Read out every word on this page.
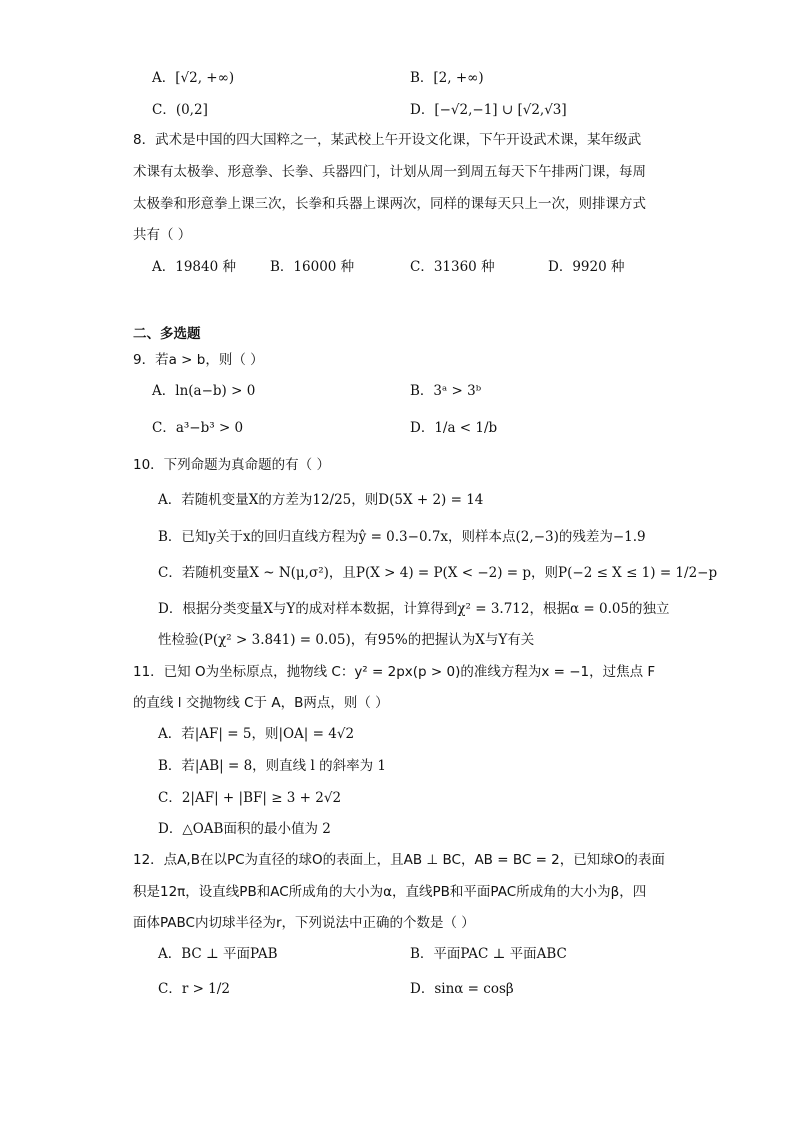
A．[√2, +∞)	B．[2, +∞)
C．(0,2]	D．[−√2,−1] ∪ [√2,√3]
8．武术是中国的四大国粹之一，某武校上午开设文化课，下午开设武术课，某年级武
术课有太极拳、形意拳、长拳、兵器四门，计划从周一到周五每天下午排两门课，每周
太极拳和形意拳上课三次，长拳和兵器上课两次，同样的课每天只上一次，则排课方式
共有（ ）
A．19840 种	B．16000 种	C．31360 种	D．9920 种
二、多选题
9．若a > b，则（ ）
A．ln(a−b) > 0	B．3ᵃ > 3ᵇ
C．a³−b³ > 0	D．1/a < 1/b
10．下列命题为真命题的有（ ）
A．若随机变量X的方差为12/25，则D(5X + 2) = 14
B．已知y关于x的回归直线方程为ŷ = 0.3−0.7x，则样本点(2,−3)的残差为−1.9
C．若随机变量X ~ N(μ,σ²)，且P(X > 4) = P(X < −2) = p，则P(−2 ≤ X ≤ 1) = 1/2−p
D．根据分类变量X与Y的成对样本数据，计算得到χ² = 3.712，根据α = 0.05的独立
性检验(P(χ² > 3.841) = 0.05)，有95%的把握认为X与Y有关
11．已知 O为坐标原点，抛物线 C：y² = 2px(p > 0)的准线方程为x = −1，过焦点 F
的直线 l 交抛物线 C于 A，B两点，则（ ）
A．若|AF| = 5，则|OA| = 4√2
B．若|AB| = 8，则直线 l 的斜率为 1
C．2|AF| + |BF| ≥ 3 + 2√2
D．△OAB面积的最小值为 2
12．点A,B在以PC为直径的球O的表面上，且AB ⊥ BC，AB = BC = 2，已知球O的表面
积是12π，设直线PB和AC所成角的大小为α，直线PB和平面PAC所成角的大小为β，四
面体PABC内切球半径为r，下列说法中正确的个数是（ ）
A．BC ⊥ 平面PAB	B．平面PAC ⊥ 平面ABC
C．r > 1/2	D．sinα = cosβ
